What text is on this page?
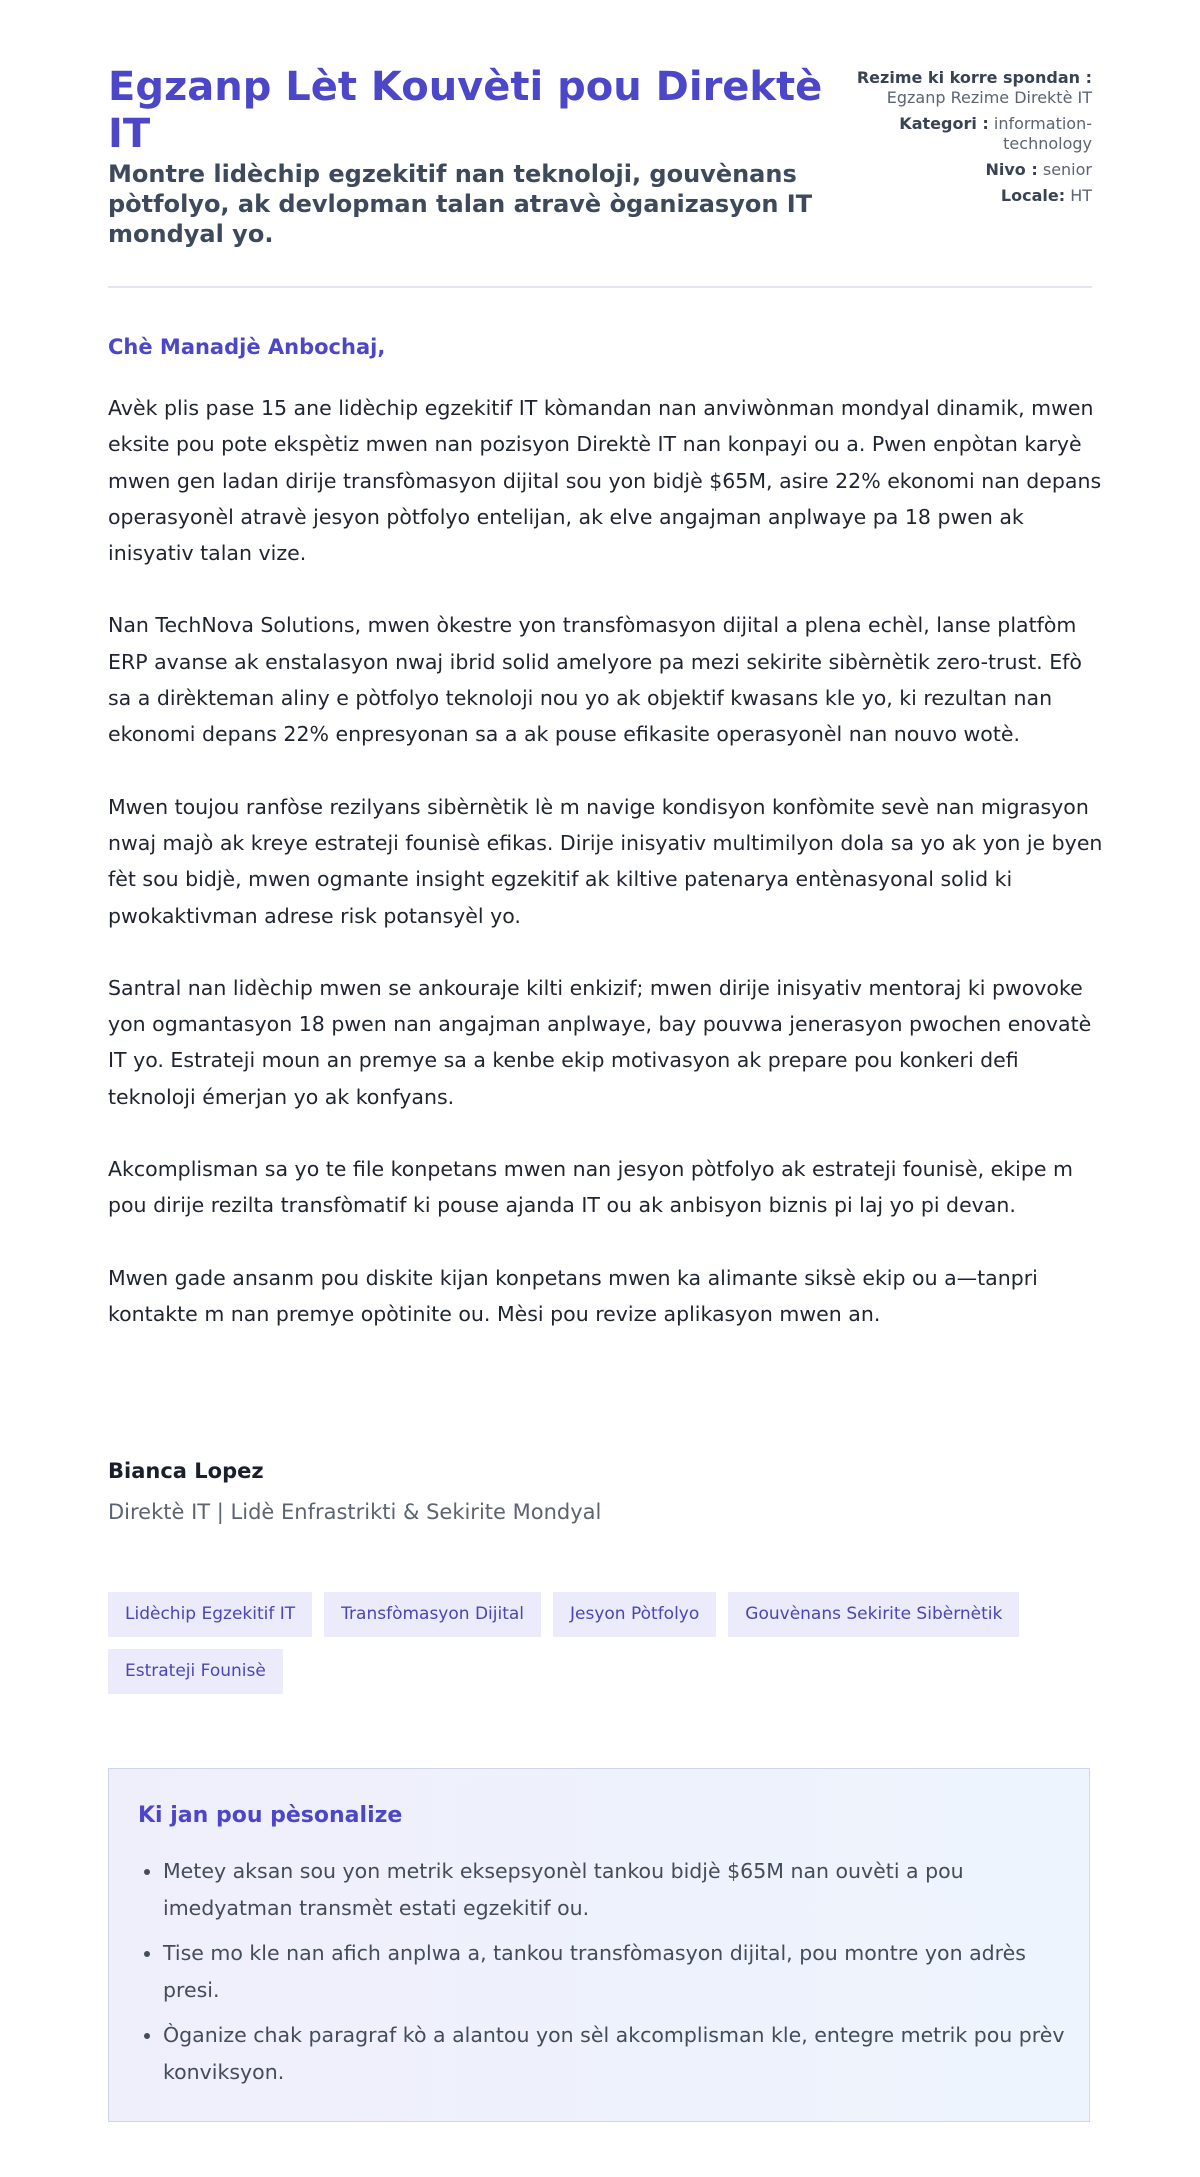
Egzanp Lèt Kouvèti pou Direktè IT
Montre lidèchip egzekitif nan teknoloji, gouvènans pòtfolyo, ak devlopman talan atravè òganizasyon IT mondyal yo.
Rezime ki korre spondan : Egzanp Rezime Direktè IT
Kategori : information-technology
Nivo : senior
Locale: HT
Chè Manadjè Anbochaj,

Avèk plis pase 15 ane lidèchip egzekitif IT kòmandan nan anviwònman mondyal dinamik, mwen eksite pou pote ekspètiz mwen nan pozisyon Direktè IT nan konpayi ou a. Pwen enpòtan karyè mwen gen ladan dirije transfòmasyon dijital sou yon bidjè $65M, asire 22% ekonomi nan depans operasyonèl atravè jesyon pòtfolyo entelijan, ak elve angajman anplwaye pa 18 pwen ak inisyativ talan vize.

Nan TechNova Solutions, mwen òkestre yon transfòmasyon dijital a plena echèl, lanse platfòm ERP avanse ak enstalasyon nwaj ibrid solid amelyore pa mezi sekirite sibèrnètik zero-trust. Efò sa a dirèkteman aliny e pòtfolyo teknoloji nou yo ak objektif kwasans kle yo, ki rezultan nan ekonomi depans 22% enpresyonan sa a ak pouse efikasite operasyonèl nan nouvo wotè.

Mwen toujou ranfòse rezilyans sibèrnètik lè m navige kondisyon konfòmite sevè nan migrasyon nwaj majò ak kreye estrateji founisè efikas. Dirije inisyativ multimilyon dola sa yo ak yon je byen fèt sou bidjè, mwen ogmante insight egzekitif ak kiltive patenarya entènasyonal solid ki pwokaktivman adrese risk potansyèl yo.

Santral nan lidèchip mwen se ankouraje kilti enkizif; mwen dirije inisyativ mentoraj ki pwovoke yon ogmantasyon 18 pwen nan angajman anplwaye, bay pouvwa jenerasyon pwochen enovatè IT yo. Estrateji moun an premye sa a kenbe ekip motivasyon ak prepare pou konkeri defi teknoloji émerjan yo ak konfyans.

Akcomplisman sa yo te file konpetans mwen nan jesyon pòtfolyo ak estrateji founisè, ekipe m pou dirije rezilta transfòmatif ki pouse ajanda IT ou ak anbisyon biznis pi laj yo pi devan.

Mwen gade ansanm pou diskite kijan konpetans mwen ka alimante siksè ekip ou a—tanpri kontakte m nan premye opòtinite ou. Mèsi pou revize aplikasyon mwen an.

Bianca Lopez

Direktè IT | Lidè Enfrastrikti & Sekirite Mondyal

Lidèchip Egzekitif IT	Transfòmasyon Dijital	Jesyon Pòtfolyo	Gouvènans Sekirite Sibèrnètik
Estrateji Founisè
Ki jan pou pèsonalize
• Metey aksan sou yon metrik eksepsyonèl tankou bidjè $65M nan ouvèti a pou imedyatman transmèt estati egzekitif ou.
• Tise mo kle nan afich anplwa a, tankou transfòmasyon dijital, pou montre yon adrès presi.
• Òganize chak paragraf kò a alantou yon sèl akcomplisman kle, entegre metrik pou prèv konviksyon.
